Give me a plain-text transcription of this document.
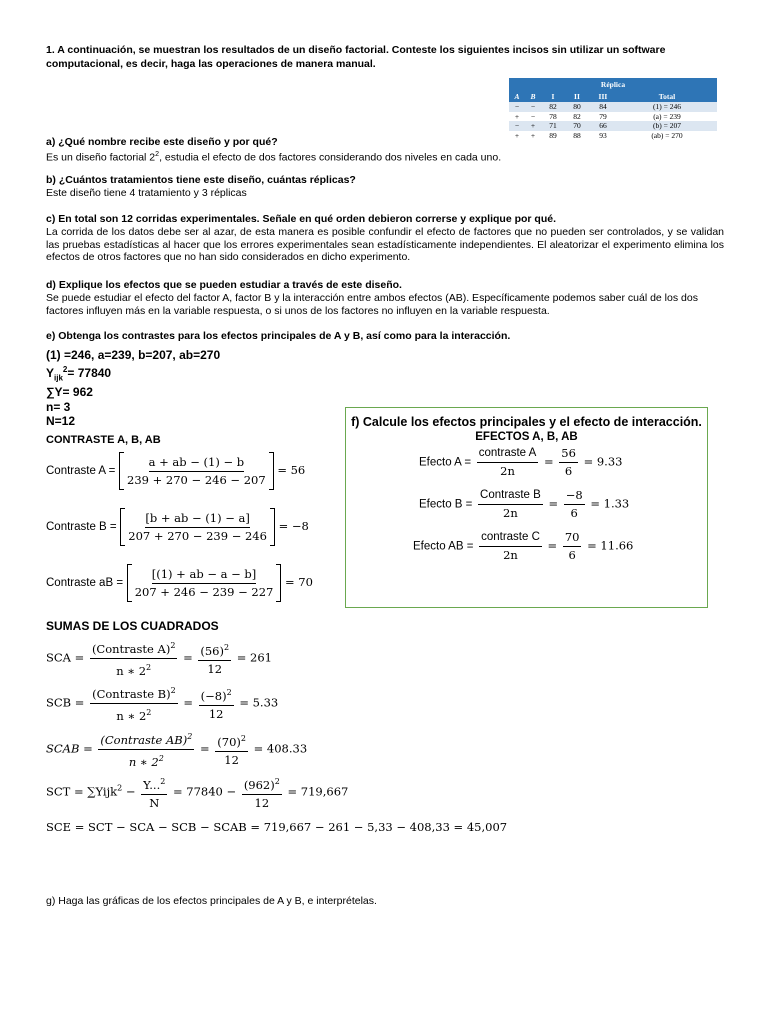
1. A continuación, se muestran los resultados de un diseño factorial. Conteste los siguientes incisos sin utilizar un software computacional, es decir, haga las operaciones de manera manual.
Réplica					
A	B	I	II	III	Total
−	−	82	80	84	(1) = 246
+	−	78	82	79	(a) = 239
−	+	71	70	66	(b) = 207
+	+	89	88	93	(ab) = 270
a) ¿Qué nombre recibe este diseño y por qué?
Es un diseño factorial $2^2$, estudia el efecto de dos factores considerando dos niveles en cada uno.
b) ¿Cuántos tratamientos tiene este diseño, cuántas réplicas?
Este diseño tiene 4 tratamiento y 3 réplicas
c) En total son 12 corridas experimentales. Señale en qué orden debieron correrse y explique por qué.
La corrida de los datos debe ser al azar, de esta manera es posible confundir el efecto de factores que no pueden ser controlados, y se validan las pruebas estadísticas al hacer que los errores experimentales sean estadísticamente independientes. El aleatorizar el experimento elimina los efectos de otros factores que no han sido considerados en dicho experimento.
d) Explique los efectos que se pueden estudiar a través de este diseño.
Se puede estudiar el efecto del factor A, factor B y la interacción entre ambos efectos (AB). Específicamente podemos saber cuál de los dos factores influyen más en la variable respuesta, o si unos de los factores no influyen en la variable respuesta.
e) Obtenga los contrastes para los efectos principales de A y B, así como para la interacción.
(1) =246, a=239, b=207, ab=270
$Y_{ijk}^2= 77840$
∑Y= 962
n= 3
N=12
CONTRASTE A, B, AB
Contraste A =
a + ab − (1) − b
239 + 270 − 246 − 207
= 56
Contraste B =
[b + ab − (1) − a]
207 + 270 − 239 − 246
= −8
Contraste aB =
[(1) + ab − a − b]
207 + 246 − 239 − 227
= 70
f) Calcule los efectos principales y el efecto de interacción.
EFECTOS A, B, AB
Efecto $A = \frac{\text{contraste A}}{2n} = \frac{56}{6} = 9.33$
Efecto $B = \frac{\text{Contraste B}}{2n} = \frac{-8}{6} = 1.33$
Efecto AB = $\frac{\text{contraste C}}{2n} = \frac{70}{6} = 11.66$
SUMAS DE LOS CUADRADOS
SCA = $\frac{(Contraste A)^2}{n ∗ 2^2} = \frac{(56)^2}{12} = 261$
SCB = $\frac{(Contraste B)^2}{n ∗ 2^2} = \frac{(-8)^2}{12} = 5.33$
SCAB = $\frac{(Contraste AB)^2}{n ∗ 2^2} = \frac{(70)^2}{12} = 408.33$
SCT = ∑Yijk$^2$ − $\frac{Y...^2}{N} = 77840 - \frac{(962)^2}{12} = 719,667$
SCE = SCT − SCA − SCB − SCAB = 719,667 − 261 − 5,33 − 408,33 = 45,007
g) Haga las gráficas de los efectos principales de A y B, e interprételas.
